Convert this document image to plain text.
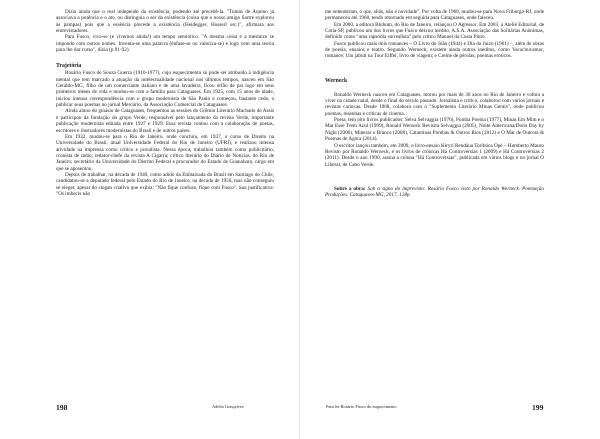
Dizia ainda que o real independe da existência, podendo até precedê-la. "Tomás de Aquino já associava a potência e o ato, ou distinguia o ser da existência (coisa que o nosso amigo Sartre explorou às pampas) pois que a essência precede a existência (Heidegger, Husserl etc.)", afirmara aos entrevistadores.

Para Fusco, viva-se (e vivemos ainda!) um tempo semiótico. "A mesma coisa e a mesmice se impondo com outros nomes. Inventa-se uma palavra (ênfase-se ou valoriza-se) e logo vem uma teoria para lhe dar curso", dizia (p.91-92).

Trajetória

Rosário Fusco de Souza Guerra (1910-1977), cujo esquecimento só pode ser atribuído à indigência mental que tem marcado a atuação da intelectualidade nacional nos últimos tempos, nasceu em São Geraldo-MG, filho de um comerciante italiano e de uma lavadeira, ficou órfão de pai logo em seus primeiros meses de vida e mudou-se com a família para Cataguases. Em 1925, com 15 anos de idade, iniciou intensa correspondência com o grupo modernista de São Paulo e começou, bastante cedo, a publicar seus poemas no jornal Mercúrio, da Associação Comercial de Cataguases.

Ainda aluno do ginásio de Cataguases, frequentou as sessões do Grêmio Literário Machado de Assis e participou da fundação do grupo Verde, responsável pelo lançamento da revista Verde, importante publicação modernista editada entre 1927 e 1929. Essa revista contou com a colaboração de poetas, escritores e ilustradores modernistas do Brasil e de outros países.

Em 1932, mudou-se para o Rio de Janeiro, onde concluiu, em 1937, o curso de Direito na Universidade do Brasil, atual Universidade Federal do Rio de Janeiro (UFRJ), e realizou intensa atividade na imprensa como crítico e jornalista. Nessa época, trabalhou também como publicitário, cronista de rádio, redator-chefe da revista A Cigarra; crítico literário do Diário de Notícias, do Rio de Janeiro; secretário da Universidade do Distrito Federal e procurador do Estado de Guanabara, cargo em que se aposentou.

Depois de trabalhar, na década de 1940, como adido da Embaixada do Brasil em Santiago do Chile, candidatou-se a deputado federal pelo Estado do Rio de Janeiro, na década de 1950, mas não conseguiu se eleger, apesar do slogan criativo que exibia: "Não fique confuso, fique com Fusco". Sua justificativa: "Os imbecis não

198	Adelto Gonçalves

me entenderam, o que, aliás, não é novidade". Por volta de 1960, mudou-se para Nova Friburgo-RJ, onde permaneceu até 1968, tendo retornado em seguida para Cataguases, onde faleceu.

Em 2000, a editora Bluhum, do Rio de Janeiro, relançou O Agressor. Em 2003, a Ateliê Editorial, de Cotia-SP, publicou um dos livros que Fusco deixou inédito, A.S.A. Associação das Solitárias Anônimas, definido como "uma rapsódia surrealista" pelo crítico Manuel da Costa Pinto.

Fusco publicou mais dois romances – O Livro do João (1944) e Dia do Juízo (1961) –, além de obras de poesia, ensaios e teatro. Segundo Werneck, existem ainda outros inéditos, como Vacachuvamor, romance; Um jabuti na Tour Eiffel, livro de viagem; e Creme de pérolas, poemas eróticos.

Werneck

Ronaldo Werneck nasceu em Cataguases, morou por mais de 30 anos no Rio de Janeiro e voltou a viver na cidade natal, desde o final do século passado. Jornalista e crítico, colaborou com vários jornais e revistas cariocas. Desde 1968, colabora com o "Suplemento Literário Minas Gerais", onde publicou poemas, resenhas e críticas de cinema.

Poeta, tem oito livros publicados: Selva Selvaggia (1976), Pomba Poema (1977), Minas Em Mim e o Mar Esse Trem Azul (1999), Ronald Werneck Revisita Selvaggia (2005), Noite Americana/Doris Day by Night (2006), Minerar o Branco (2008), Cataminas Pombas & Outros Rios (2012) e O Mar de Outrora & Poemas de Agora (2014).

O escritor lançou também, em 2009, o livro-ensaio Kiryrí Rendáua Toribóca Opé – Humberto Mauro Revisto por Ronaldo Werneck, e os livros de crônicas Há Controvérsias 1 (2009) e Há Controvérsias 2 (2011). Desde o ano 1990, assina a coluna "Há Controvérsias", publicada em vários blogs e no jornal O Liberal, de Cabo Verde.

Sobre a obra: Sob o signo do imprevisto: Rosário Fusco visto por Ronaldo Werneck. Poemação Produções. Cataguases-MG, 2017, 128p.

Para ler Rosário Fusco do esquecimento	199
